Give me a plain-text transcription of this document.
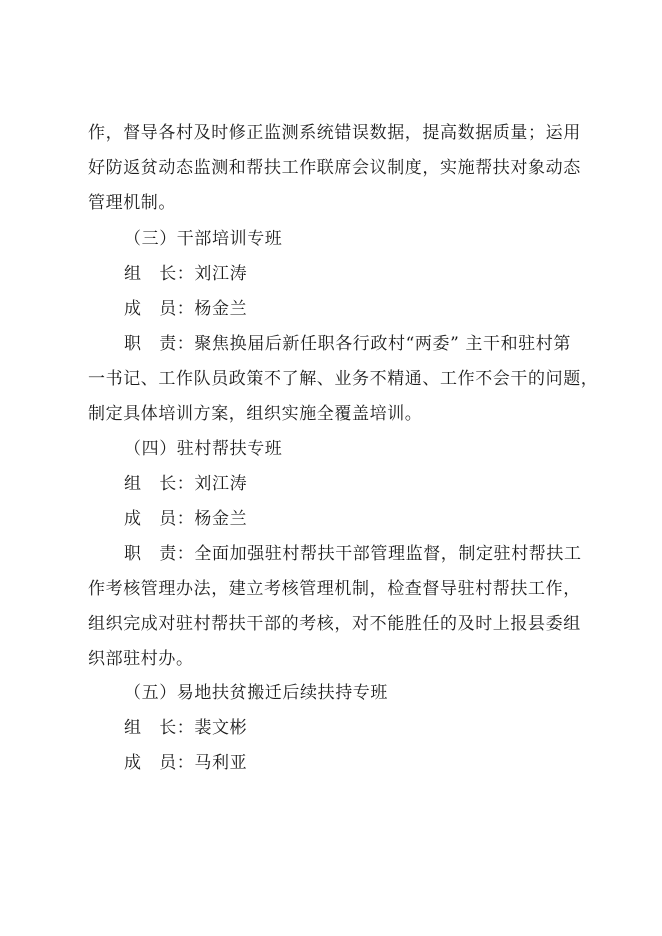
作，督导各村及时修正监测系统错误数据，提高数据质量；运用
好防返贫动态监测和帮扶工作联席会议制度，实施帮扶对象动态
管理机制。
（三）干部培训专班
组　长：刘江涛
成　员：杨金兰
职　责：聚焦换届后新任职各行政村“两委” 主干和驻村第
一书记、工作队员政策不了解、业务不精通、工作不会干的问题，
制定具体培训方案，组织实施全覆盖培训。
（四）驻村帮扶专班
组　长：刘江涛
成　员：杨金兰
职　责：全面加强驻村帮扶干部管理监督，制定驻村帮扶工
作考核管理办法，建立考核管理机制，检查督导驻村帮扶工作，
组织完成对驻村帮扶干部的考核，对不能胜任的及时上报县委组
织部驻村办。
（五）易地扶贫搬迁后续扶持专班
组　长：裴文彬
成　员：马利亚
